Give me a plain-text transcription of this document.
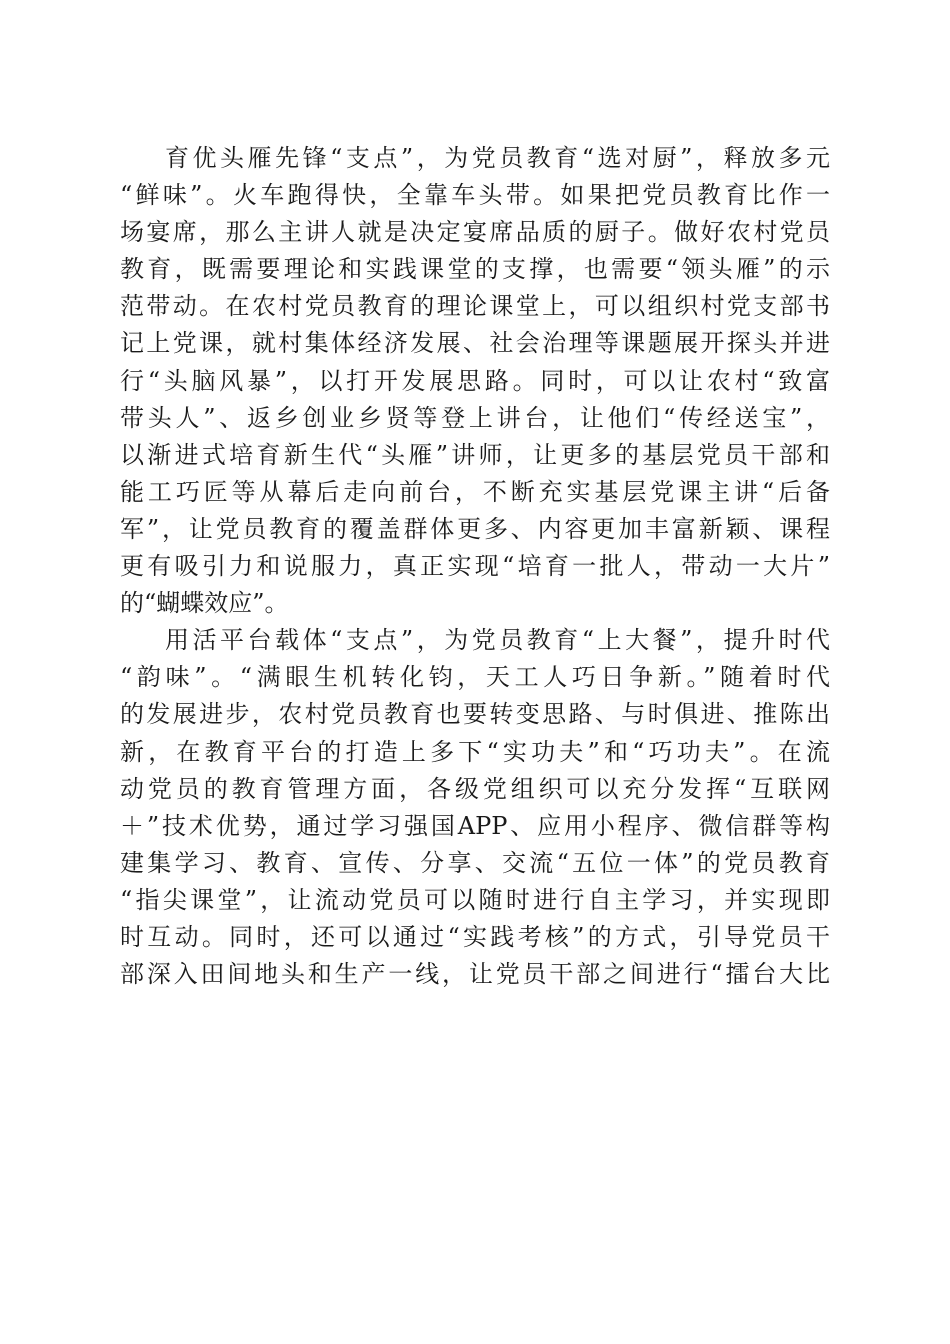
育优头雁先锋“支点”，为党员教育“选对厨”，释放多元
“鲜味”。火车跑得快，全靠车头带。如果把党员教育比作一
场宴席，那么主讲人就是决定宴席品质的厨子。做好农村党员
教育，既需要理论和实践课堂的支撑，也需要“领头雁”的示
范带动。在农村党员教育的理论课堂上，可以组织村党支部书
记上党课，就村集体经济发展、社会治理等课题展开探头并进
行“头脑风暴”，以打开发展思路。同时，可以让农村“致富
带头人”、返乡创业乡贤等登上讲台，让他们“传经送宝”，
以渐进式培育新生代“头雁”讲师，让更多的基层党员干部和
能工巧匠等从幕后走向前台，不断充实基层党课主讲“后备
军”，让党员教育的覆盖群体更多、内容更加丰富新颖、课程
更有吸引力和说服力，真正实现“培育一批人，带动一大片”
的“蝴蝶效应”。
用活平台载体“支点”，为党员教育“上大餐”，提升时代
“韵味”。“满眼生机转化钧，天工人巧日争新。”随着时代
的发展进步，农村党员教育也要转变思路、与时俱进、推陈出
新，在教育平台的打造上多下“实功夫”和“巧功夫”。在流
动党员的教育管理方面，各级党组织可以充分发挥“互联网
＋”技术优势，通过学习强国APP、应用小程序、微信群等构
建集学习、教育、宣传、分享、交流“五位一体”的党员教育
“指尖课堂”，让流动党员可以随时进行自主学习，并实现即
时互动。同时，还可以通过“实践考核”的方式，引导党员干
部深入田间地头和生产一线，让党员干部之间进行“擂台大比
